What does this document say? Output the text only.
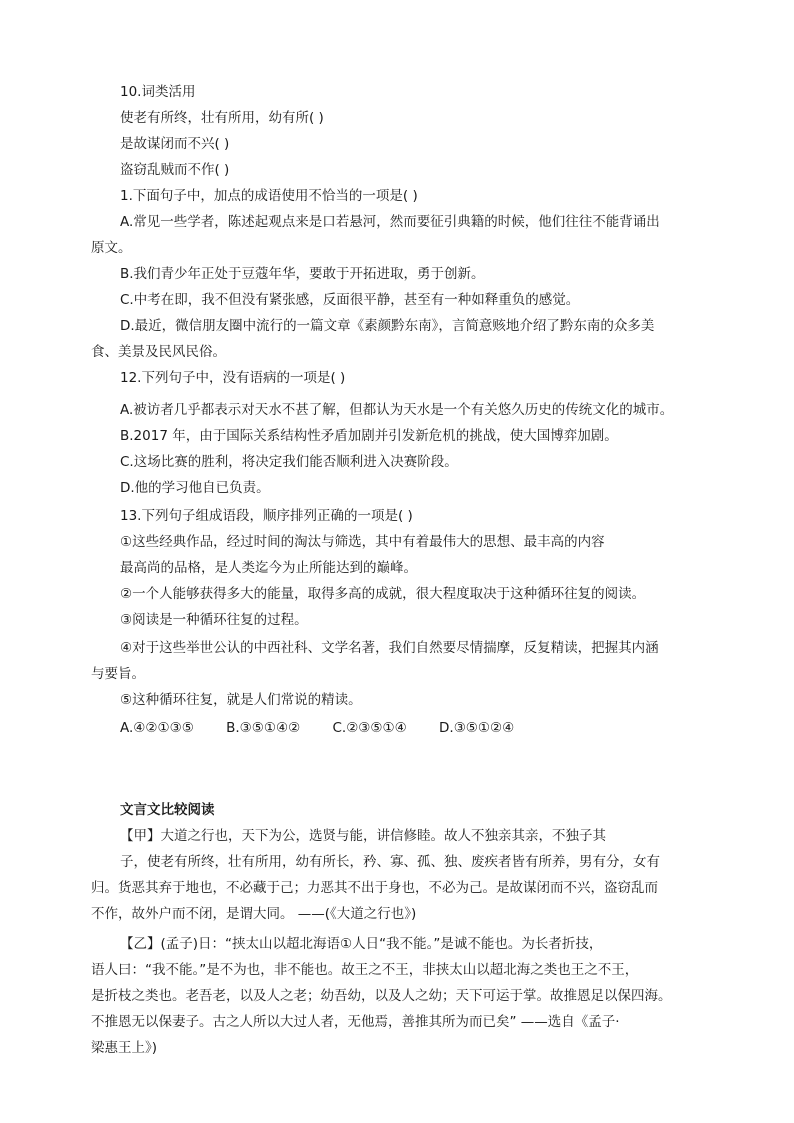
10.词类活用
使老有所终，壮有所用，幼有所( )
是故谋闭而不兴( )
盗窃乱贼而不作( )
1.下面句子中，加点的成语使用不恰当的一项是( )
A.常见一些学者，陈述起观点来是口若悬河，然而要征引典籍的时候，他们往往不能背诵出
原文。
B.我们青少年正处于豆蔻年华，要敢于开拓进取，勇于创新。
C.中考在即，我不但没有紧张感，反面很平静，甚至有一种如释重负的感觉。
D.最近，微信朋友圈中流行的一篇文章《素颜黔东南》，言简意赅地介绍了黔东南的众多美
食、美景及民风民俗。
12.下列句子中，没有语病的一项是( )
A.被访者几乎都表示对天水不甚了解，但都认为天水是一个有关悠久历史的传统文化的城市。
B.2017 年，由于国际关系结构性矛盾加剧并引发新危机的挑战，使大国博弈加剧。
C.这场比赛的胜利，将决定我们能否顺利进入决赛阶段。
D.他的学习他自已负责。
13.下列句子组成语段，顺序排列正确的一项是( )
①这些经典作品，经过时间的淘汰与筛选，其中有着最伟大的思想、最丰高的内容
最高尚的品格，是人类迄今为止所能达到的巅峰。
②一个人能够获得多大的能量，取得多高的成就，很大程度取决于这种循环往复的阅读。
③阅读是一种循环往复的过程。
④对于这些举世公认的中西社科、文学名著，我们自然要尽情揣摩，反复精读，把握其内涵
与要旨。
⑤这种循环往复，就是人们常说的精读。
A.④②①③⑤ B.③⑤①④② C.②③⑤①④ D.③⑤①②④
文言文比较阅读
【甲】大道之行也，天下为公，选贤与能，讲信修睦。故人不独亲其亲，不独子其
子，使老有所终，壮有所用，幼有所长，矜、寡、孤、独、废疾者皆有所养，男有分，女有
归。货恶其弃于地也，不必藏于己；力恶其不出于身也，不必为己。是故谋闭而不兴，盗窃乱而
不作，故外户而不闭，是谓大同。 ——(《大道之行也》)
【乙】(孟子)日：“挟太山以超北海语①人日“我不能。”是诚不能也。为长者折技，
语人曰：“我不能。”是不为也，非不能也。故王之不王，非挟太山以超北海之类也王之不王，
是折枝之类也。老吾老，以及人之老；幼吾幼，以及人之幼；天下可运于掌。故推恩足以保四海。
不推恩无以保妻子。古之人所以大过人者，无他焉，善推其所为而已矣” ——选自《孟子·
梁惠王上》)
